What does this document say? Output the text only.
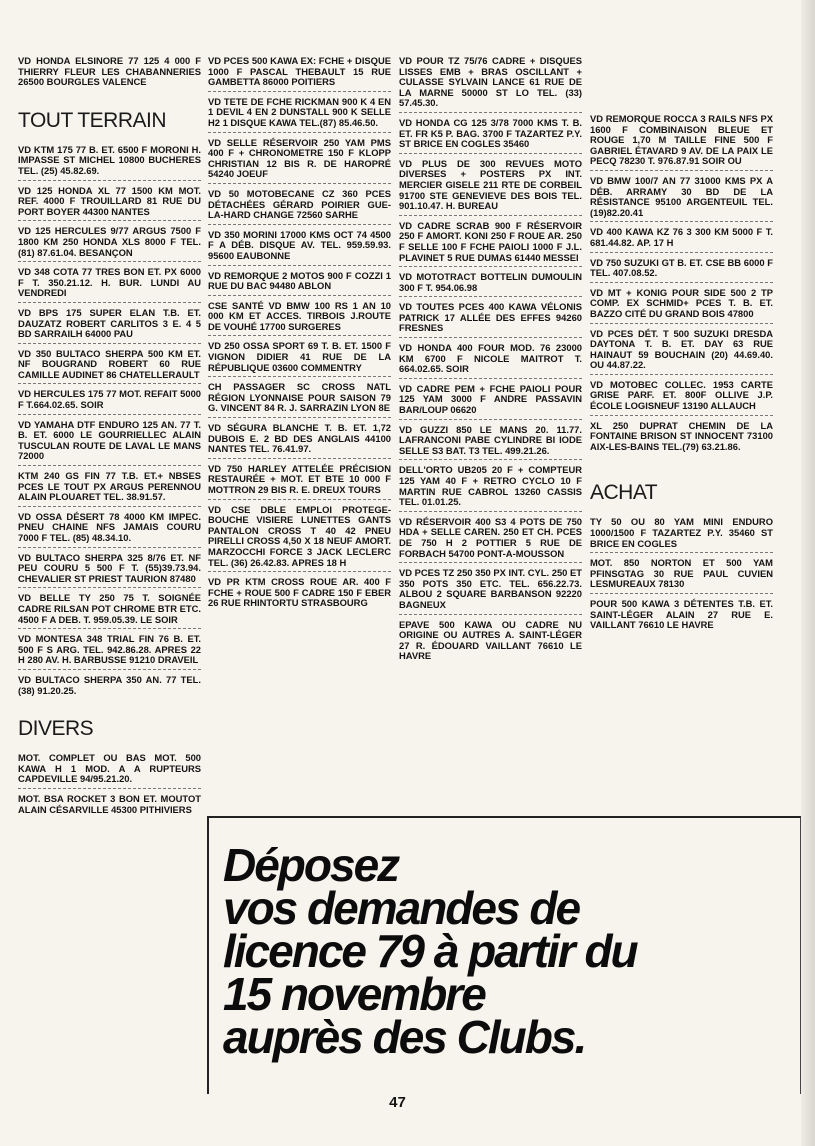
VD HONDA ELSINORE 77 125 4 000 F THIERRY FLEUR LES CHABANNERIES 26500 BOURGLES VALENCE
TOUT TERRAIN
VD KTM 175 77 B. ET. 6500 F MORONI H. IMPASSE ST MICHEL 10800 BUCHERES TEL. (25) 45.82.69.
VD 125 HONDA XL 77 1500 KM MOT. REF. 4000 F TROUILLARD 81 RUE DU PORT BOYER 44300 NANTES
VD 125 HERCULES 9/77 ARGUS 7500 F 1800 KM 250 HONDA XLS 8000 F TEL.(81) 87.61.04. BESANÇON
VD 348 COTA 77 TRES BON ET. PX 6000 F T. 350.21.12. H. BUR. LUNDI AU VENDREDI
VD BPS 175 SUPER ELAN T.B. ET. DAUZATZ ROBERT CARLITOS 3 E. 4 5 BD SARRAILH 64000 PAU
VD 350 BULTACO SHERPA 500 KM ET. NF BOUGRAND ROBERT 60 RUE CAMILLE AUDINET 86 CHATELLERAULT
VD HERCULES 175 77 MOT. REFAIT 5000 F T.664.02.65. SOIR
VD YAMAHA DTF ENDURO 125 AN. 77 T. B. ET. 6000 LE GOURRIELLEC ALAIN TUSCULAN ROUTE DE LAVAL LE MANS 72000
KTM 240 GS FIN 77 T.B. ET.+ NBSES PCES LE TOUT PX ARGUS PERENNOU ALAIN PLOUARET TEL. 38.91.57.
VD OSSA DÉSERT 78 4000 KM IMPEC. PNEU CHAINE NFS JAMAIS COURU 7000 F TEL. (85) 48.34.10.
VD BULTACO SHERPA 325 8/76 ET. NF PEU COURU 5 500 F T. (55)39.73.94. CHEVALIER ST PRIEST TAURION 87480
VD BELLE TY 250 75 T. SOIGNÉE CADRE RILSAN POT CHROME BTR ETC. 4500 F A DEB. T. 959.05.39. LE SOIR
VD MONTESA 348 TRIAL FIN 76 B. ET. 500 F S ARG. TEL. 942.86.28. APRES 22 H 280 AV. H. BARBUSSE 91210 DRAVEIL
VD BULTACO SHERPA 350 AN. 77 TEL. (38) 91.20.25.
DIVERS
MOT. COMPLET OU BAS MOT. 500 KAWA H 1 MOD. A A RUPTEURS CAPDEVILLE 94/95.21.20.
MOT. BSA ROCKET 3 BON ET. MOUTOT ALAIN CÉSARVILLE 45300 PITHIVIERS
VD PCES 500 KAWA EX: FCHE + DISQUE 1000 F PASCAL THEBAULT 15 RUE GAMBETTA 86000 POITIERS
VD TETE DE FCHE RICKMAN 900 K 4 EN 1 DEVIL 4 EN 2 DUNSTALL 900 K SELLE H2 1 DISQUE KAWA TEL.(87) 85.46.50.
VD SELLE RÉSERVOIR 250 YAM PMS 400 F + CHRONOMETRE 150 F KLOPP CHRISTIAN 12 BIS R. DE HAROPRÉ 54240 JOEUF
VD 50 MOTOBECANE CZ 360 PCES DÉTACHÉES GÉRARD POIRIER GUE-LA-HARD CHANGE 72560 SARHE
VD 350 MORINI 17000 KMS OCT 74 4500 F A DÉB. DISQUE AV. TEL. 959.59.93. 95600 EAUBONNE
VD REMORQUE 2 MOTOS 900 F COZZI 1 RUE DU BAC 94480 ABLON
CSE SANTÉ VD BMW 100 RS 1 AN 10 000 KM ET ACCES. TIRBOIS J.ROUTE DE VOUHÉ 17700 SURGERES
VD 250 OSSA SPORT 69 T. B. ET. 1500 F VIGNON DIDIER 41 RUE DE LA RÉPUBLIQUE 03600 COMMENTRY
CH PASSAGER SC CROSS NATL RÉGION LYONNAISE POUR SAISON 79 G. VINCENT 84 R. J. SARRAZIN LYON 8E
VD SÉGURA BLANCHE T. B. ET. 1,72 DUBOIS E. 2 BD DES ANGLAIS 44100 NANTES TEL. 76.41.97.
VD 750 HARLEY ATTELÉE PRÉCISION RESTAURÉE + MOT. ET BTE 10 000 F MOTTRON 29 BIS R. E. DREUX TOURS
VD CSE DBLE EMPLOI PROTEGE-BOUCHE VISIERE LUNETTES GANTS PANTALON CROSS T 40 42 PNEU PIRELLI CROSS 4,50 X 18 NEUF AMORT. MARZOCCHI FORCE 3 JACK LECLERC TEL. (36) 26.42.83. APRES 18 H
VD PR KTM CROSS ROUE AR. 400 F FCHE + ROUE 500 F CADRE 150 F EBER 26 RUE RHINTORTU STRASBOURG
VD POUR TZ 75/76 CADRE + DISQUES LISSES EMB + BRAS OSCILLANT + CULASSE SYLVAIN LANCE 61 RUE DE LA MARNE 50000 ST LO TEL. (33) 57.45.30.
VD HONDA CG 125 3/78 7000 KMS T. B. ET. FR K5 P. BAG. 3700 F TAZARTEZ P.Y. ST BRICE EN COGLES 35460
VD PLUS DE 300 REVUES MOTO DIVERSES + POSTERS PX INT. MERCIER GISELE 211 RTE DE CORBEIL 91700 STE GENEVIEVE DES BOIS TEL. 901.10.47. H. BUREAU
VD CADRE SCRAB 900 F RÉSERVOIR 250 F AMORT. KONI 250 F ROUE AR. 250 F SELLE 100 F FCHE PAIOLI 1000 F J.L. PLAVINET 5 RUE DUMAS 61440 MESSEI
VD MOTOTRACT BOTTELIN DUMOULIN 300 F T. 954.06.98
VD TOUTES PCES 400 KAWA VÉLONIS PATRICK 17 ALLÉE DES EFFES 94260 FRESNES
VD HONDA 400 FOUR MOD. 76 23000 KM 6700 F NICOLE MAITROT T. 664.02.65. SOIR
VD CADRE PEM + FCHE PAIOLI POUR 125 YAM 3000 F ANDRE PASSAVIN BAR/LOUP 06620
VD GUZZI 850 LE MANS 20. 11.77. LAFRANCONI PABE CYLINDRE BI IODE SELLE S3 BAT. T3 TEL. 499.21.26.
DELL'ORTO UB205 20 F + COMPTEUR 125 YAM 40 F + RETRO CYCLO 10 F MARTIN RUE CABROL 13260 CASSIS TEL. 01.01.25.
VD RÉSERVOIR 400 S3 4 POTS DE 750 HDA + SELLE CAREN. 250 ET CH. PCES DE 750 H 2 POTTIER 5 RUE DE FORBACH 54700 PONT-A-MOUSSON
VD PCES TZ 250 350 PX INT. CYL. 250 ET 350 POTS 350 ETC. TEL. 656.22.73. ALBOU 2 SQUARE BARBANSON 92220 BAGNEUX
EPAVE 500 KAWA OU CADRE NU ORIGINE OU AUTRES A. SAINT-LÉGER 27 R. ÉDOUARD VAILLANT 76610 LE HAVRE
VD REMORQUE ROCCA 3 RAILS NFS PX 1600 F COMBINAISON BLEUE ET ROUGE 1,70 M TAILLE FINE 500 F GABRIEL ÉTAVARD 9 AV. DE LA PAIX LE PECQ 78230 T. 976.87.91 SOIR OU
VD BMW 100/7 AN 77 31000 KMS PX A DÉB. ARRAMY 30 BD DE LA RÉSISTANCE 95100 ARGENTEUIL TEL. (19)82.20.41
VD 400 KAWA KZ 76 3 300 KM 5000 F T. 681.44.82. AP. 17 H
VD 750 SUZUKI GT B. ET. CSE BB 6000 F TEL. 407.08.52.
VD MT + KONIG POUR SIDE 500 2 TP COMP. EX SCHMID+ PCES T. B. ET. BAZZO CITÉ DU GRAND BOIS 47800
VD PCES DÉT. T 500 SUZUKI DRESDA DAYTONA T. B. ET. DAY 63 RUE HAINAUT 59 BOUCHAIN (20) 44.69.40. OU 44.87.22.
VD MOTOBEC COLLEC. 1953 CARTE GRISE PARF. ET. 800F OLLIVE J.P. ÉCOLE LOGISNEUF 13190 ALLAUCH
XL 250 DUPRAT CHEMIN DE LA FONTAINE BRISON ST INNOCENT 73100 AIX-LES-BAINS TEL.(79) 63.21.86.
ACHAT
TY 50 OU 80 YAM MINI ENDURO 1000/1500 F TAZARTEZ P.Y. 35460 ST BRICE EN COGLES
MOT. 850 NORTON ET 500 YAM PFINSGTAG 30 RUE PAUL CUVIEN LESMUREAUX 78130
POUR 500 KAWA 3 DÉTENTES T.B. ET. SAINT-LÉGER ALAIN 27 RUE E. VAILLANT 76610 LE HAVRE
Déposez
vos demandes de
licence 79 à partir du
15 novembre
auprès des Clubs.
47
